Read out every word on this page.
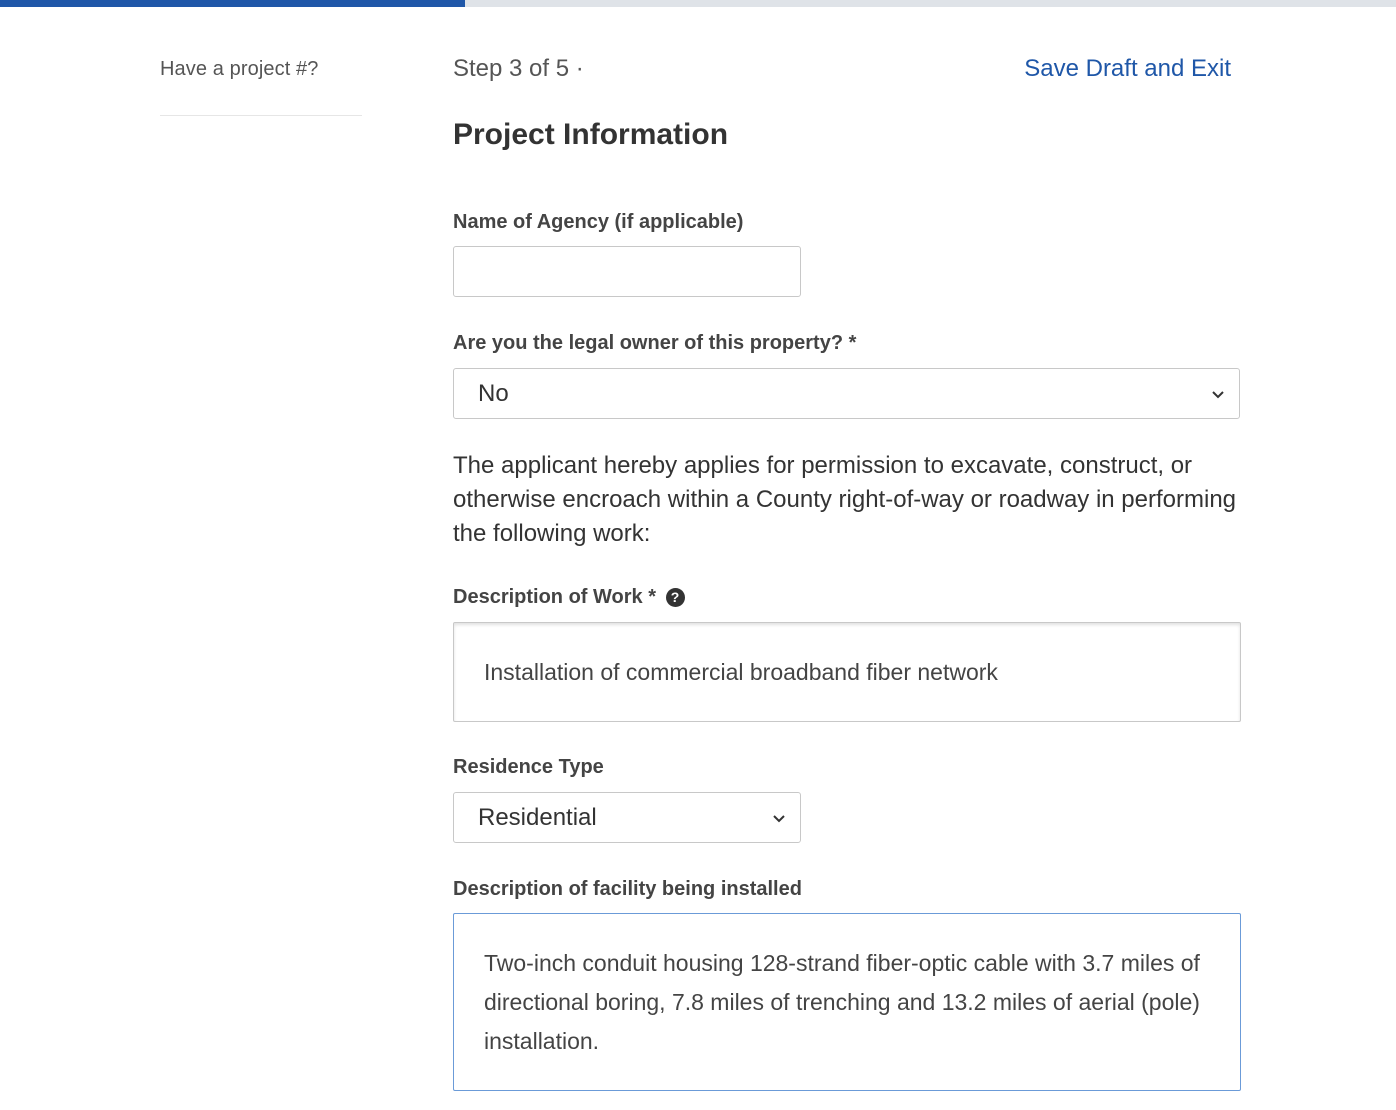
Have a project #?	Step 3 of 5 ·	Save Draft and Exit
Project Information
Name of Agency (if applicable)
Are you the legal owner of this property? *
No
The applicant hereby applies for permission to excavate, construct, or otherwise encroach within a County right-of-way or roadway in performing the following work:
Description of Work * ?
Installation of commercial broadband fiber network
Residence Type
Residential
Description of facility being installed
Two-inch conduit housing 128-strand fiber-optic cable with 3.7 miles of directional boring, 7.8 miles of trenching and 13.2 miles of aerial (pole) installation.
